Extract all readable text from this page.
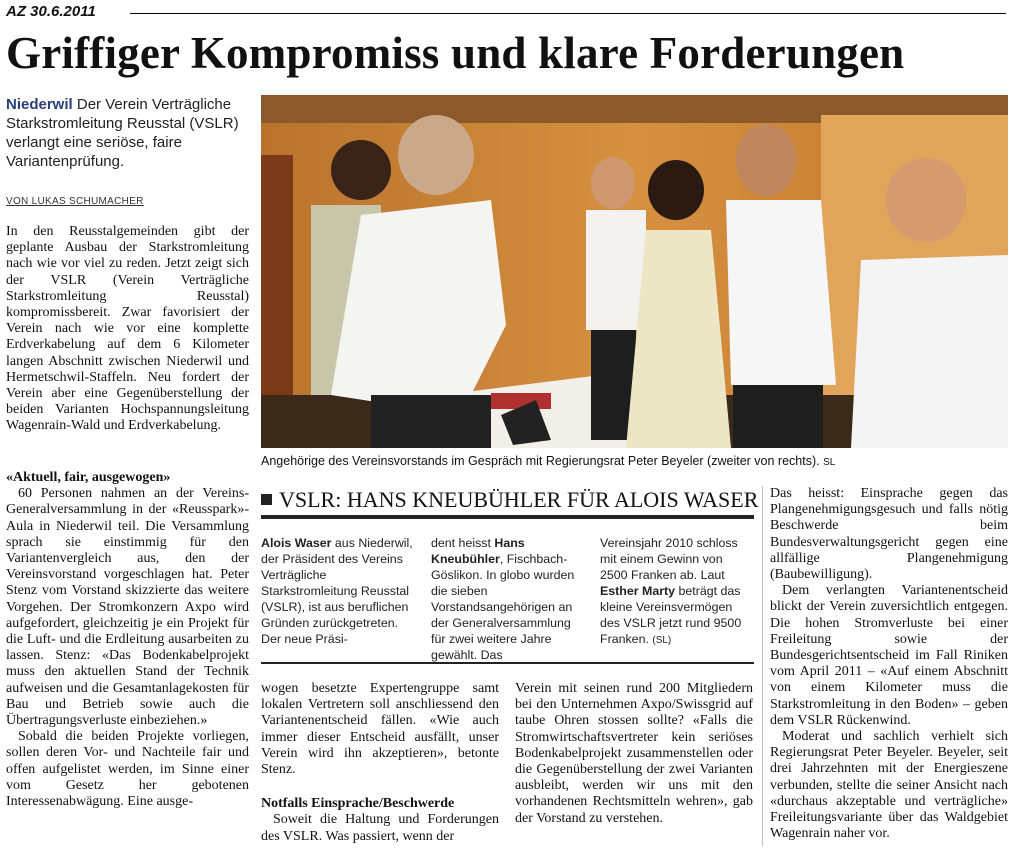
AZ 30.6.2011
Griffiger Kompromiss und klare Forderungen
Niederwil Der Verein Verträgliche Starkstromleitung Reusstal (VSLR) verlangt eine seriöse, faire Variantenprüfung.
VON LUKAS SCHUMACHER

In den Reusstalgemeinden gibt der geplante Ausbau der Starkstromleitung nach wie vor viel zu reden. Jetzt zeigt sich der VSLR (Verein Verträgliche Starkstromleitung Reusstal) kompromissbereit. Zwar favorisiert der Verein nach wie vor eine komplette Erdverkabelung auf dem 6 Kilometer langen Abschnitt zwischen Niederwil und Hermetschwil-Staffeln. Neu fordert der Verein aber eine Gegenüberstellung der beiden Varianten Hochspannungsleitung Wagenrain-Wald und Erdverkabelung.

«Aktuell, fair, ausgewogen»

60 Personen nahmen an der Vereins-Generalversammlung in der «Reusspark»-Aula in Niederwil teil. Die Versammlung sprach sie einstimmig für den Variantenvergleich aus, den der Vereinsvorstand vorgeschlagen hat. Peter Stenz vom Vorstand skizzierte das weitere Vorgehen. Der Stromkonzern Axpo wird aufgefordert, gleichzeitig je ein Projekt für die Luft- und die Erdleitung ausarbeiten zu lassen. Stenz: «Das Bodenkabelprojekt muss den aktuellen Stand der Technik aufweisen und die Gesamtanlagekosten für Bau und Betrieb sowie auch die Übertragungsverluste einbeziehen.»

Sobald die beiden Projekte vorliegen, sollen deren Vor- und Nachteile fair und offen aufgelistet werden, im Sinne einer vom Gesetz her gebotenen Interessenabwägung. Eine ausge-

Angehörige des Vereinsvorstands im Gespräch mit Regierungsrat Peter Beyeler (zweiter von rechts). SL
VSLR: HANS KNEUBÜHLER FÜR ALOIS WASER
Alois Waser aus Niederwil, der Präsident des Vereins Verträgliche Starkstromleitung Reusstal (VSLR), ist aus beruflichen Gründen zurückgetreten. Der neue Präsi-
dent heisst Hans Kneubühler, Fischbach-Göslikon. In globo wurden die sieben Vorstandsangehörigen an der Generalversammlung für zwei weitere Jahre gewählt. Das
Vereinsjahr 2010 schloss mit einem Gewinn von 2500 Franken ab. Laut Esther Marty beträgt das kleine Vereinsvermögen des VSLR jetzt rund 9500 Franken. (SL)

wogen besetzte Expertengruppe samt lokalen Vertretern soll anschliessend den Variantenentscheid fällen. «Wie auch immer dieser Entscheid ausfällt, unser Verein wird ihn akzeptieren», betonte Stenz.

Notfalls Einsprache/Beschwerde

Soweit die Haltung und Forderungen des VSLR. Was passiert, wenn der

Verein mit seinen rund 200 Mitgliedern bei den Unternehmen Axpo/Swissgrid auf taube Ohren stossen sollte? «Falls die Stromwirtschaftsvertreter kein seriöses Bodenkabelprojekt zusammenstellen oder die Gegenüberstellung der zwei Varianten ausbleibt, werden wir uns mit den vorhandenen Rechtsmitteln wehren», gab der Vorstand zu verstehen.

Das heisst: Einsprache gegen das Plangenehmigungsgesuch und falls nötig Beschwerde beim Bundesverwaltungsgericht gegen eine allfällige Plangenehmigung (Baubewilligung).

Dem verlangten Variantenentscheid blickt der Verein zuversichtlich entgegen. Die hohen Stromverluste bei einer Freileitung sowie der Bundesgerichtsentscheid im Fall Riniken vom April 2011 – «Auf einem Abschnitt von einem Kilometer muss die Starkstromleitung in den Boden» – geben dem VSLR Rückenwind.

Moderat und sachlich verhielt sich Regierungsrat Peter Beyeler. Beyeler, seit drei Jahrzehnten mit der Energieszene verbunden, stellte die seiner Ansicht nach «durchaus akzeptable und verträgliche» Freileitungsvariante über das Waldgebiet Wagenrain naher vor.
